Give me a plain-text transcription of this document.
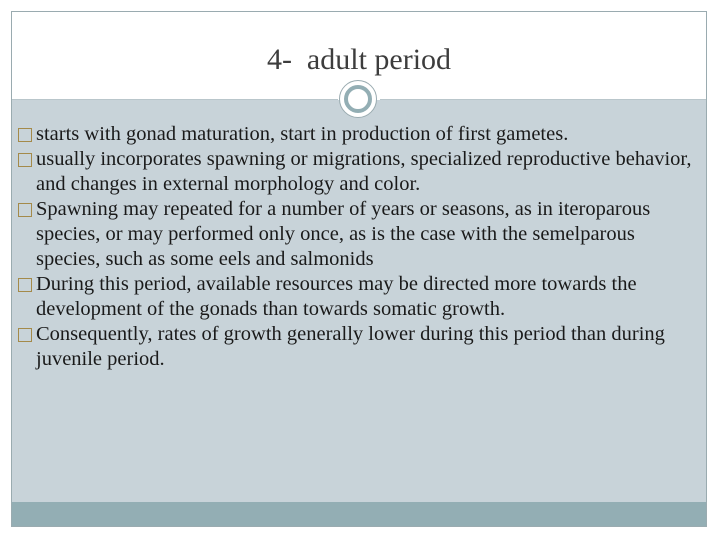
4-  adult period
starts with gonad maturation, start in production of first gametes.
usually incorporates spawning or migrations, specialized reproductive behavior, and changes in external morphology and color.
Spawning may repeated for a number of years or seasons, as in iteroparous species, or may performed only once, as is the case with the semelparous species, such as some eels and salmonids
During this period, available resources may be directed more towards the development of the gonads than towards somatic growth.
Consequently, rates of growth generally lower during this period than during juvenile period.
